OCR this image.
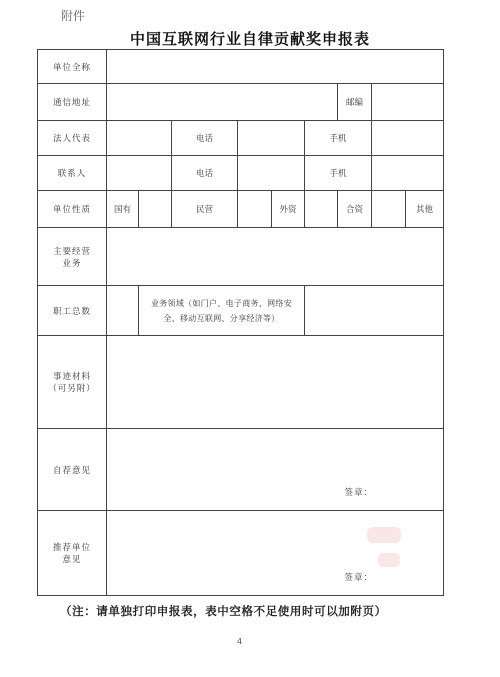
附件
中国互联网行业自律贡献奖申报表
单位全称									
通信地址							邮编		
法人代表			电话			手机			
联系人			电话			手机			
单位性质	国有		民营		外资		合资		其他
主要经营业务									
职工总数		业务领域（如门户、电子商务、网络安全、移动互联网、分享经济等）							
事迹材料（可另附）									
自荐意见	签章：								

推荐单位意见	签章：								
（注：请单独打印申报表，表中空格不足使用时可以加附页）
4
